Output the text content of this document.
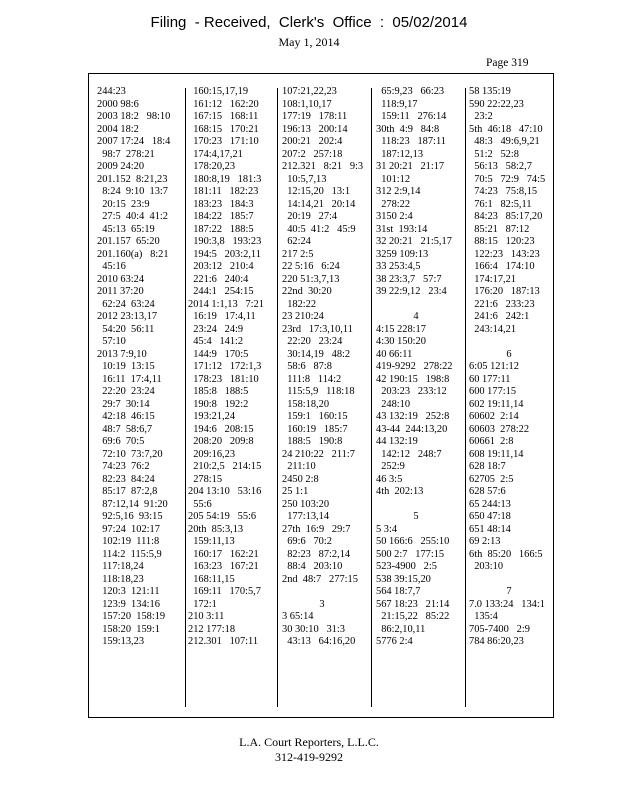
Filing  - Received,  Clerk's  Office  :  05/02/2014
May 1, 2014
Page 319
244:23
2000 98:6
2003 18:2   98:10
2004 18:2
2007 17:24   18:4
98:7  278:21
2009 24:20
201.152  8:21,23
8:24  9:10  13:7
20:15  23:9
27:5  40:4  41:2
45:13  65:19
201.157  65:20
201.160(a)   8:21
45:16
2010 63:24
2011 37:20
62:24  63:24
2012 23:13,17
54:20  56:11
57:10
2013 7:9,10
10:19  13:15
16:11  17:4,11
22:20  23:24
29:7  30:14
42:18  46:15
48:7  58:6,7
69:6  70:5
72:10  73:7,20
74:23  76:2
82:23  84:24
85:17  87:2,8
87:12,14  91:20
92:5,16  93:15
97:24  102:17
102:19  111:8
114:2  115:5,9
117:18,24
118:18,23
120:3  121:11
123:9  134:16
157:20  158:19
158:20  159:1
159:13,23
160:15,17,19
161:12   162:20
167:15   168:11
168:15   170:21
170:23   171:10
174:4,17,21
178:20,23
180:8,19   181:3
181:11   182:23
183:23   184:3
184:22   185:7
187:22   188:5
190:3,8   193:23
194:5   203:2,11
203:12   210:4
221:6   240:4
244:1   254:15
2014 1:1,13   7:21
16:19   17:4,11
23:24   24:9
45:4   141:2
144:9   170:5
171:12   172:1,3
178:23   181:10
185:8   188:5
190:8   192:2
193:21,24
194:6   208:15
208:20   209:8
209:16,23
210:2,5   214:15
278:15
204 13:10   53:16
55:6
205 54:19   55:6
20th  85:3,13
159:11,13
160:17   162:21
163:23   167:21
168:11,15
169:11   170:5,7
172:1
210 3:11
212 177:18
212.301   107:11
107:21,22,23
108:1,10,17
177:19   178:11
196:13   200:14
200:21   202:4
207:2   257:18
212.321   8:21   9:3
10:5,7,13
12:15,20   13:1
14:14,21   20:14
20:19   27:4
40:5  41:2   45:9
62:24
217 2:5
22 5:16   6:24
220 51:3,7,13
22nd  30:20
182:22
23 210:24
23rd   17:3,10,11
22:20   23:24
30:14,19   48:2
58:6   87:8
111:8   114:2
115:5,9   118:18
158:18,20
159:1   160:15
160:19   185:7
188:5   190:8
24 210:22   211:7
211:10
2450 2:8
25 1:1
250 103:20
177:13,14
27th  16:9   29:7
69:6   70:2
82:23   87:2,14
88:4   203:10
2nd  48:7   277:15
3
3 65:14
30 30:10   31:3
43:13   64:16,20
65:9,23   66:23
118:9,17
159:11   276:14
30th  4:9   84:8
118:23   187:11
187:12,13
31 20:21   21:17
101:12
312 2:9,14
278:22
3150 2:4
31st  193:14
32 20:21   21:5,17
3259 109:13
33 253:4,5
38 23:3,7   57:7
39 22:9,12   23:4
4
4:15 228:17
4:30 150:20
40 66:11
419-9292   278:22
42 190:15   198:8
203:23   233:12
248:10
43 132:19   252:8
43-44  244:13,20
44 132:19
142:12   248:7
252:9
46 3:5
4th  202:13
5
5 3:4
50 166:6   255:10
500 2:7   177:15
523-4900   2:5
538 39:15,20
564 18:7,7
567 18:23   21:14
21:15,22   85:22
86:2,10,11
5776 2:4
58 135:19
590 22:22,23
23:2
5th  46:18   47:10
48:3   49:6,9,21
51:2   52:8
56:13   58:2,7
70:5   72:9   74:5
74:23   75:8,15
76:1   82:5,11
84:23   85:17,20
85:21   87:12
88:15   120:23
122:23   143:23
166:4   174:10
174:17,21
176:20   187:13
221:6   233:23
241:6   242:1
243:14,21
6
6:05 121:12
60 177:11
600 177:15
602 19:11,14
60602  2:14
60603  278:22
60661  2:8
608 19:11,14
628 18:7
62705  2:5
628 57:6
65 244:13
650 47:18
651 48:14
69 2:13
6th  85:20   166:5
203:10
7
7.0 133:24   134:1
135:4
705-7400   2:9
784 86:20,23
L.A. Court Reporters, L.L.C.
312-419-9292
